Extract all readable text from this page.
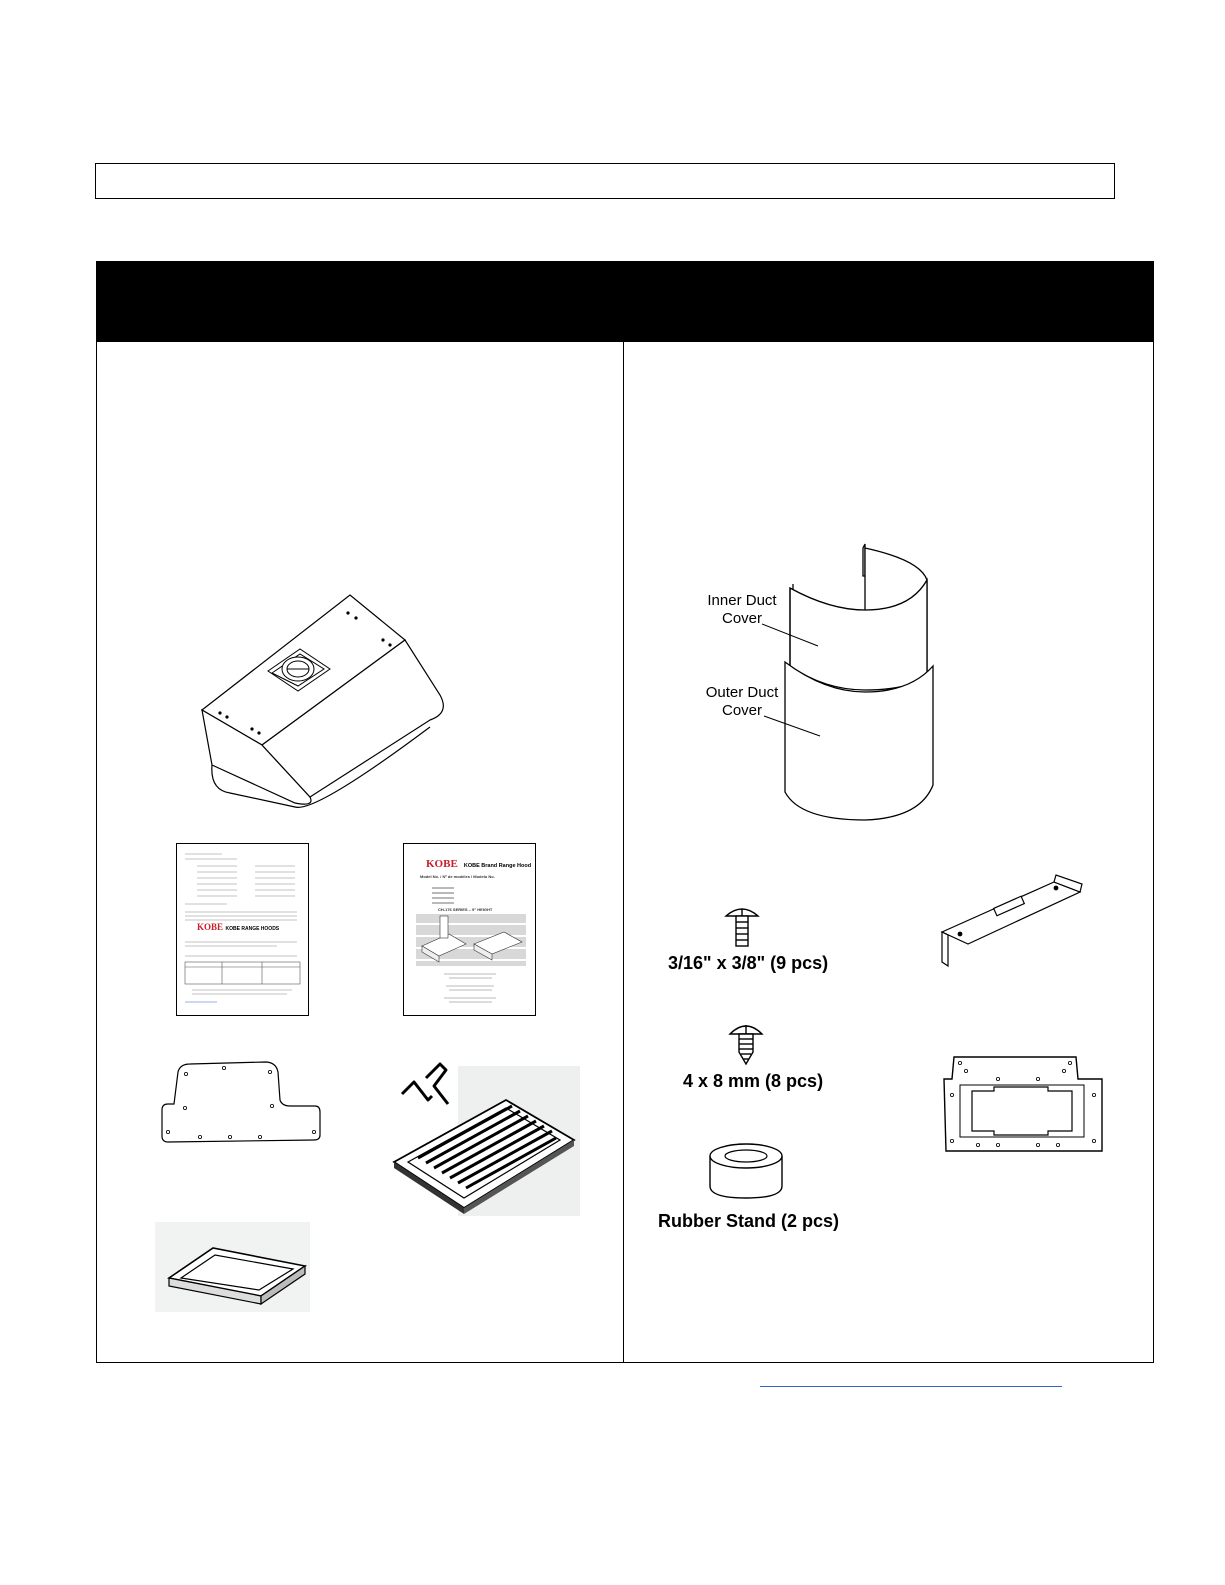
KOBE KOBE RANGE HOODS
KOBE KOBE Brand Range Hood
Model No. / Nº de modèles / Modelo No.
CH-176 SERIES – 9" HEIGHT
Inner Duct Cover
Outer Duct Cover
3/16" x 3/8" (9 pcs)
4 x 8 mm (8 pcs)
Rubber Stand (2 pcs)
